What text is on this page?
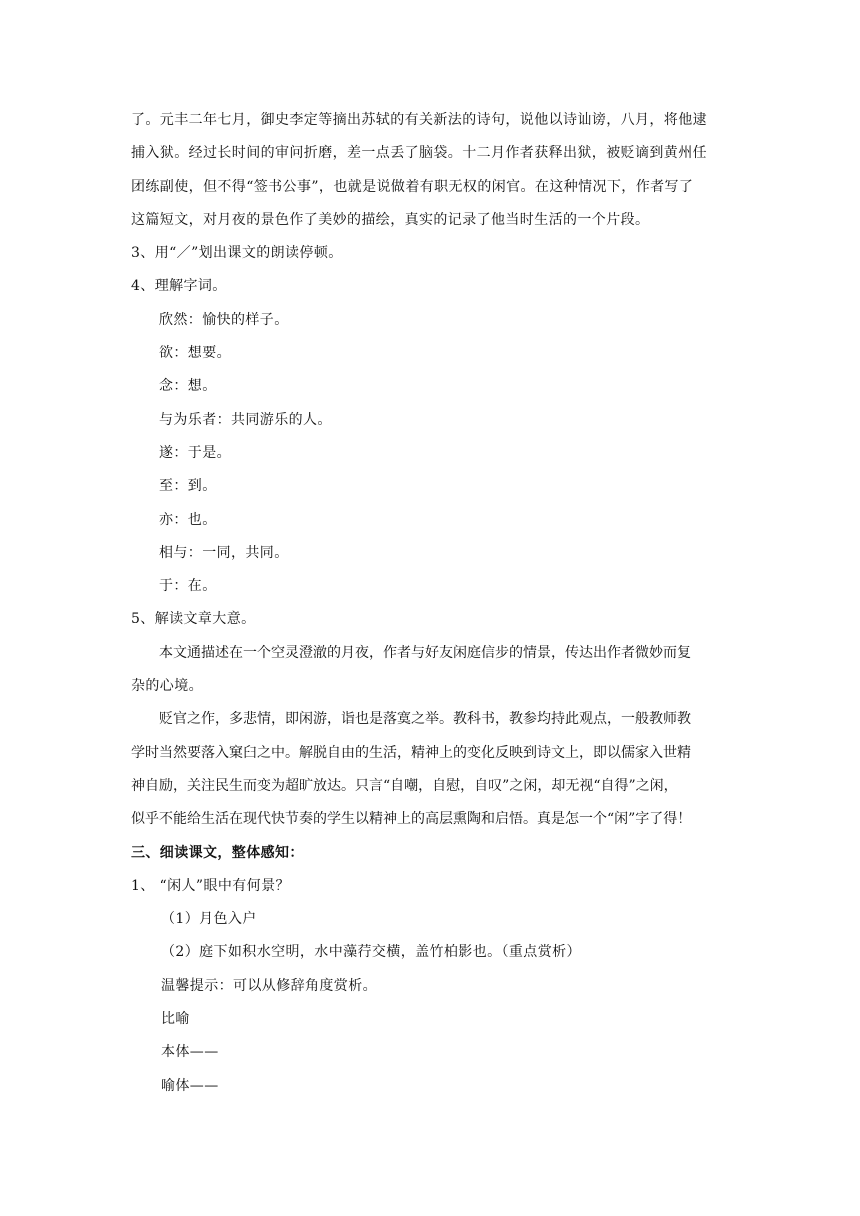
了。元丰二年七月，御史李定等摘出苏轼的有关新法的诗句，说他以诗讪谤，八月，将他逮
捕入狱。经过长时间的审问折磨，差一点丢了脑袋。十二月作者获释出狱，被贬谪到黄州任
团练副使，但不得“签书公事”，也就是说做着有职无权的闲官。在这种情况下，作者写了
这篇短文，对月夜的景色作了美妙的描绘，真实的记录了他当时生活的一个片段。
3、用“／”划出课文的朗读停顿。
4、理解字词。
欣然：愉快的样子。
欲：想要。
念：想。
与为乐者：共同游乐的人。
遂：于是。
至：到。
亦：也。
相与：一同，共同。
于：在。
5、解读文章大意。
本文通描述在一个空灵澄澈的月夜，作者与好友闲庭信步的情景，传达出作者微妙而复
杂的心境。
贬官之作，多悲情，即闲游，诣也是落寞之举。教科书，教参均持此观点，一般教师教
学时当然要落入窠臼之中。解脱自由的生活，精神上的变化反映到诗文上，即以儒家入世精
神自励，关注民生而变为超旷放达。只言“自嘲，自慰，自叹”之闲，却无视“自得”之闲，
似乎不能给生活在现代快节奏的学生以精神上的高层熏陶和启悟。真是怎一个“闲”字了得！
三、细读课文，整体感知：
1、 “闲人”眼中有何景？
（1）月色入户
（2）庭下如积水空明，水中藻荇交横，盖竹柏影也。（重点赏析）
温馨提示：可以从修辞角度赏析。
比喻
本体——
喻体——
